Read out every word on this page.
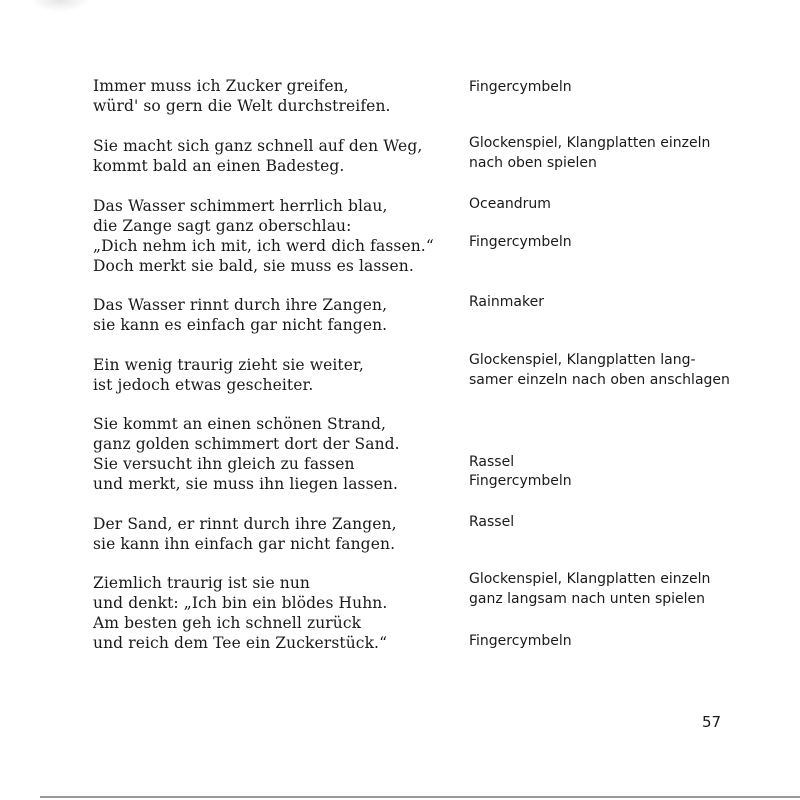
Immer muss ich Zucker greifen,
würd' so gern die Welt durchstreifen.
Sie macht sich ganz schnell auf den Weg,
kommt bald an einen Badesteg.
Das Wasser schimmert herrlich blau,
die Zange sagt ganz oberschlau:
„Dich nehm ich mit, ich werd dich fassen.“
Doch merkt sie bald, sie muss es lassen.
Das Wasser rinnt durch ihre Zangen,
sie kann es einfach gar nicht fangen.
Ein wenig traurig zieht sie weiter,
ist jedoch etwas gescheiter.
Sie kommt an einen schönen Strand,
ganz golden schimmert dort der Sand.
Sie versucht ihn gleich zu fassen
und merkt, sie muss ihn liegen lassen.
Der Sand, er rinnt durch ihre Zangen,
sie kann ihn einfach gar nicht fangen.
Ziemlich traurig ist sie nun
und denkt: „Ich bin ein blödes Huhn.
Am besten geh ich schnell zurück
und reich dem Tee ein Zuckerstück.“
Fingercymbeln
Glockenspiel, Klangplatten einzeln
nach oben spielen
Oceandrum
Fingercymbeln
Rainmaker
Glockenspiel, Klangplatten lang-
samer einzeln nach oben anschlagen
Rassel
Fingercymbeln
Rassel
Glockenspiel, Klangplatten einzeln
ganz langsam nach unten spielen
Fingercymbeln
57
